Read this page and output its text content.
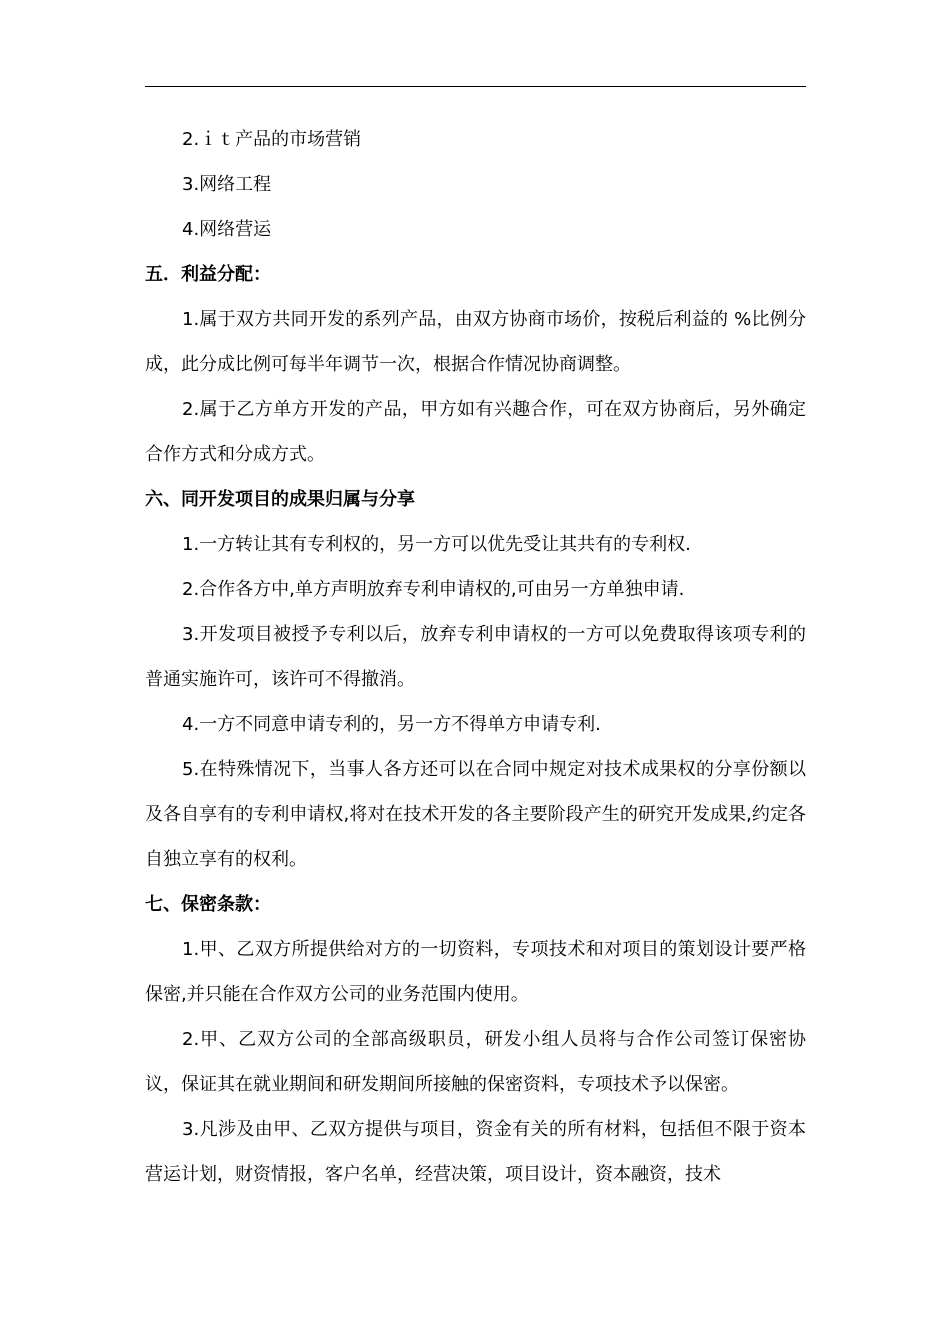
2.ｉｔ产品的市场营销

3.网络工程

4.网络营运

五．利益分配：

1.属于双方共同开发的系列产品，由双方协商市场价，按税后利益的 %比例分成，此分成比例可每半年调节一次，根据合作情况协商调整。

2.属于乙方单方开发的产品，甲方如有兴趣合作，可在双方协商后，另外确定合作方式和分成方式。

六、同开发项目的成果归属与分享

1.一方转让其有专利权的，另一方可以优先受让其共有的专利权.

2.合作各方中,单方声明放弃专利申请权的,可由另一方单独申请.

3.开发项目被授予专利以后，放弃专利申请权的一方可以免费取得该项专利的普通实施许可，该许可不得撤消。

4.一方不同意申请专利的，另一方不得单方申请专利.

5.在特殊情况下，当事人各方还可以在合同中规定对技术成果权的分享份额以及各自享有的专利申请权,将对在技术开发的各主要阶段产生的研究开发成果,约定各自独立享有的权利。

七、保密条款：

1.甲、乙双方所提供给对方的一切资料，专项技术和对项目的策划设计要严格保密,并只能在合作双方公司的业务范围内使用。

2.甲、乙双方公司的全部高级职员，研发小组人员将与合作公司签订保密协议，保证其在就业期间和研发期间所接触的保密资料，专项技术予以保密。

3.凡涉及由甲、乙双方提供与项目，资金有关的所有材料，包括但不限于资本营运计划，财资情报，客户名单，经营决策，项目设计，资本融资，技术
